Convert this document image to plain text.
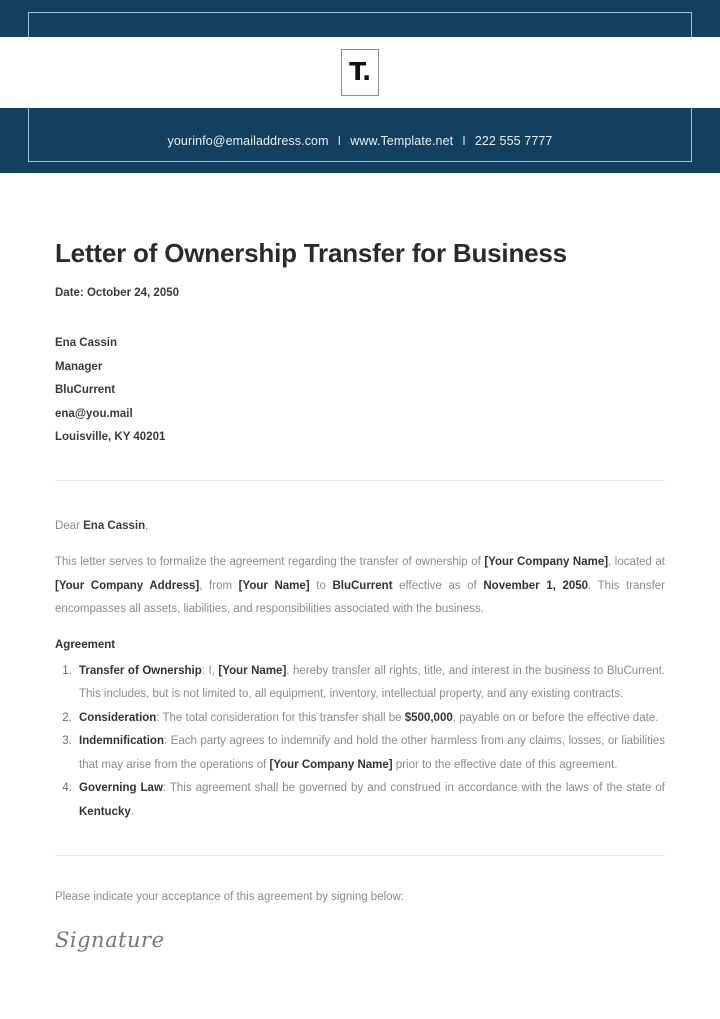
T.
yourinfo@emailaddress.com I www.Template.net I 222 555 7777
Letter of Ownership Transfer for Business
Date: October 24, 2050
Ena Cassin
Manager
BluCurrent
ena@you.mail
Louisville, KY 40201
Dear Ena Cassin,

This letter serves to formalize the agreement regarding the transfer of ownership of [Your Company Name], located at [Your Company Address], from [Your Name] to BluCurrent effective as of November 1, 2050. This transfer encompasses all assets, liabilities, and responsibilities associated with the business.

Agreement
1. Transfer of Ownership: I, [Your Name], hereby transfer all rights, title, and interest in the business to BluCurrent. This includes, but is not limited to, all equipment, inventory, intellectual property, and any existing contracts.
2. Consideration: The total consideration for this transfer shall be $500,000, payable on or before the effective date.
3. Indemnification: Each party agrees to indemnify and hold the other harmless from any claims, losses, or liabilities that may arise from the operations of [Your Company Name] prior to the effective date of this agreement.
4. Governing Law: This agreement shall be governed by and construed in accordance with the laws of the state of Kentucky.
Please indicate your acceptance of this agreement by signing below:
Signature
